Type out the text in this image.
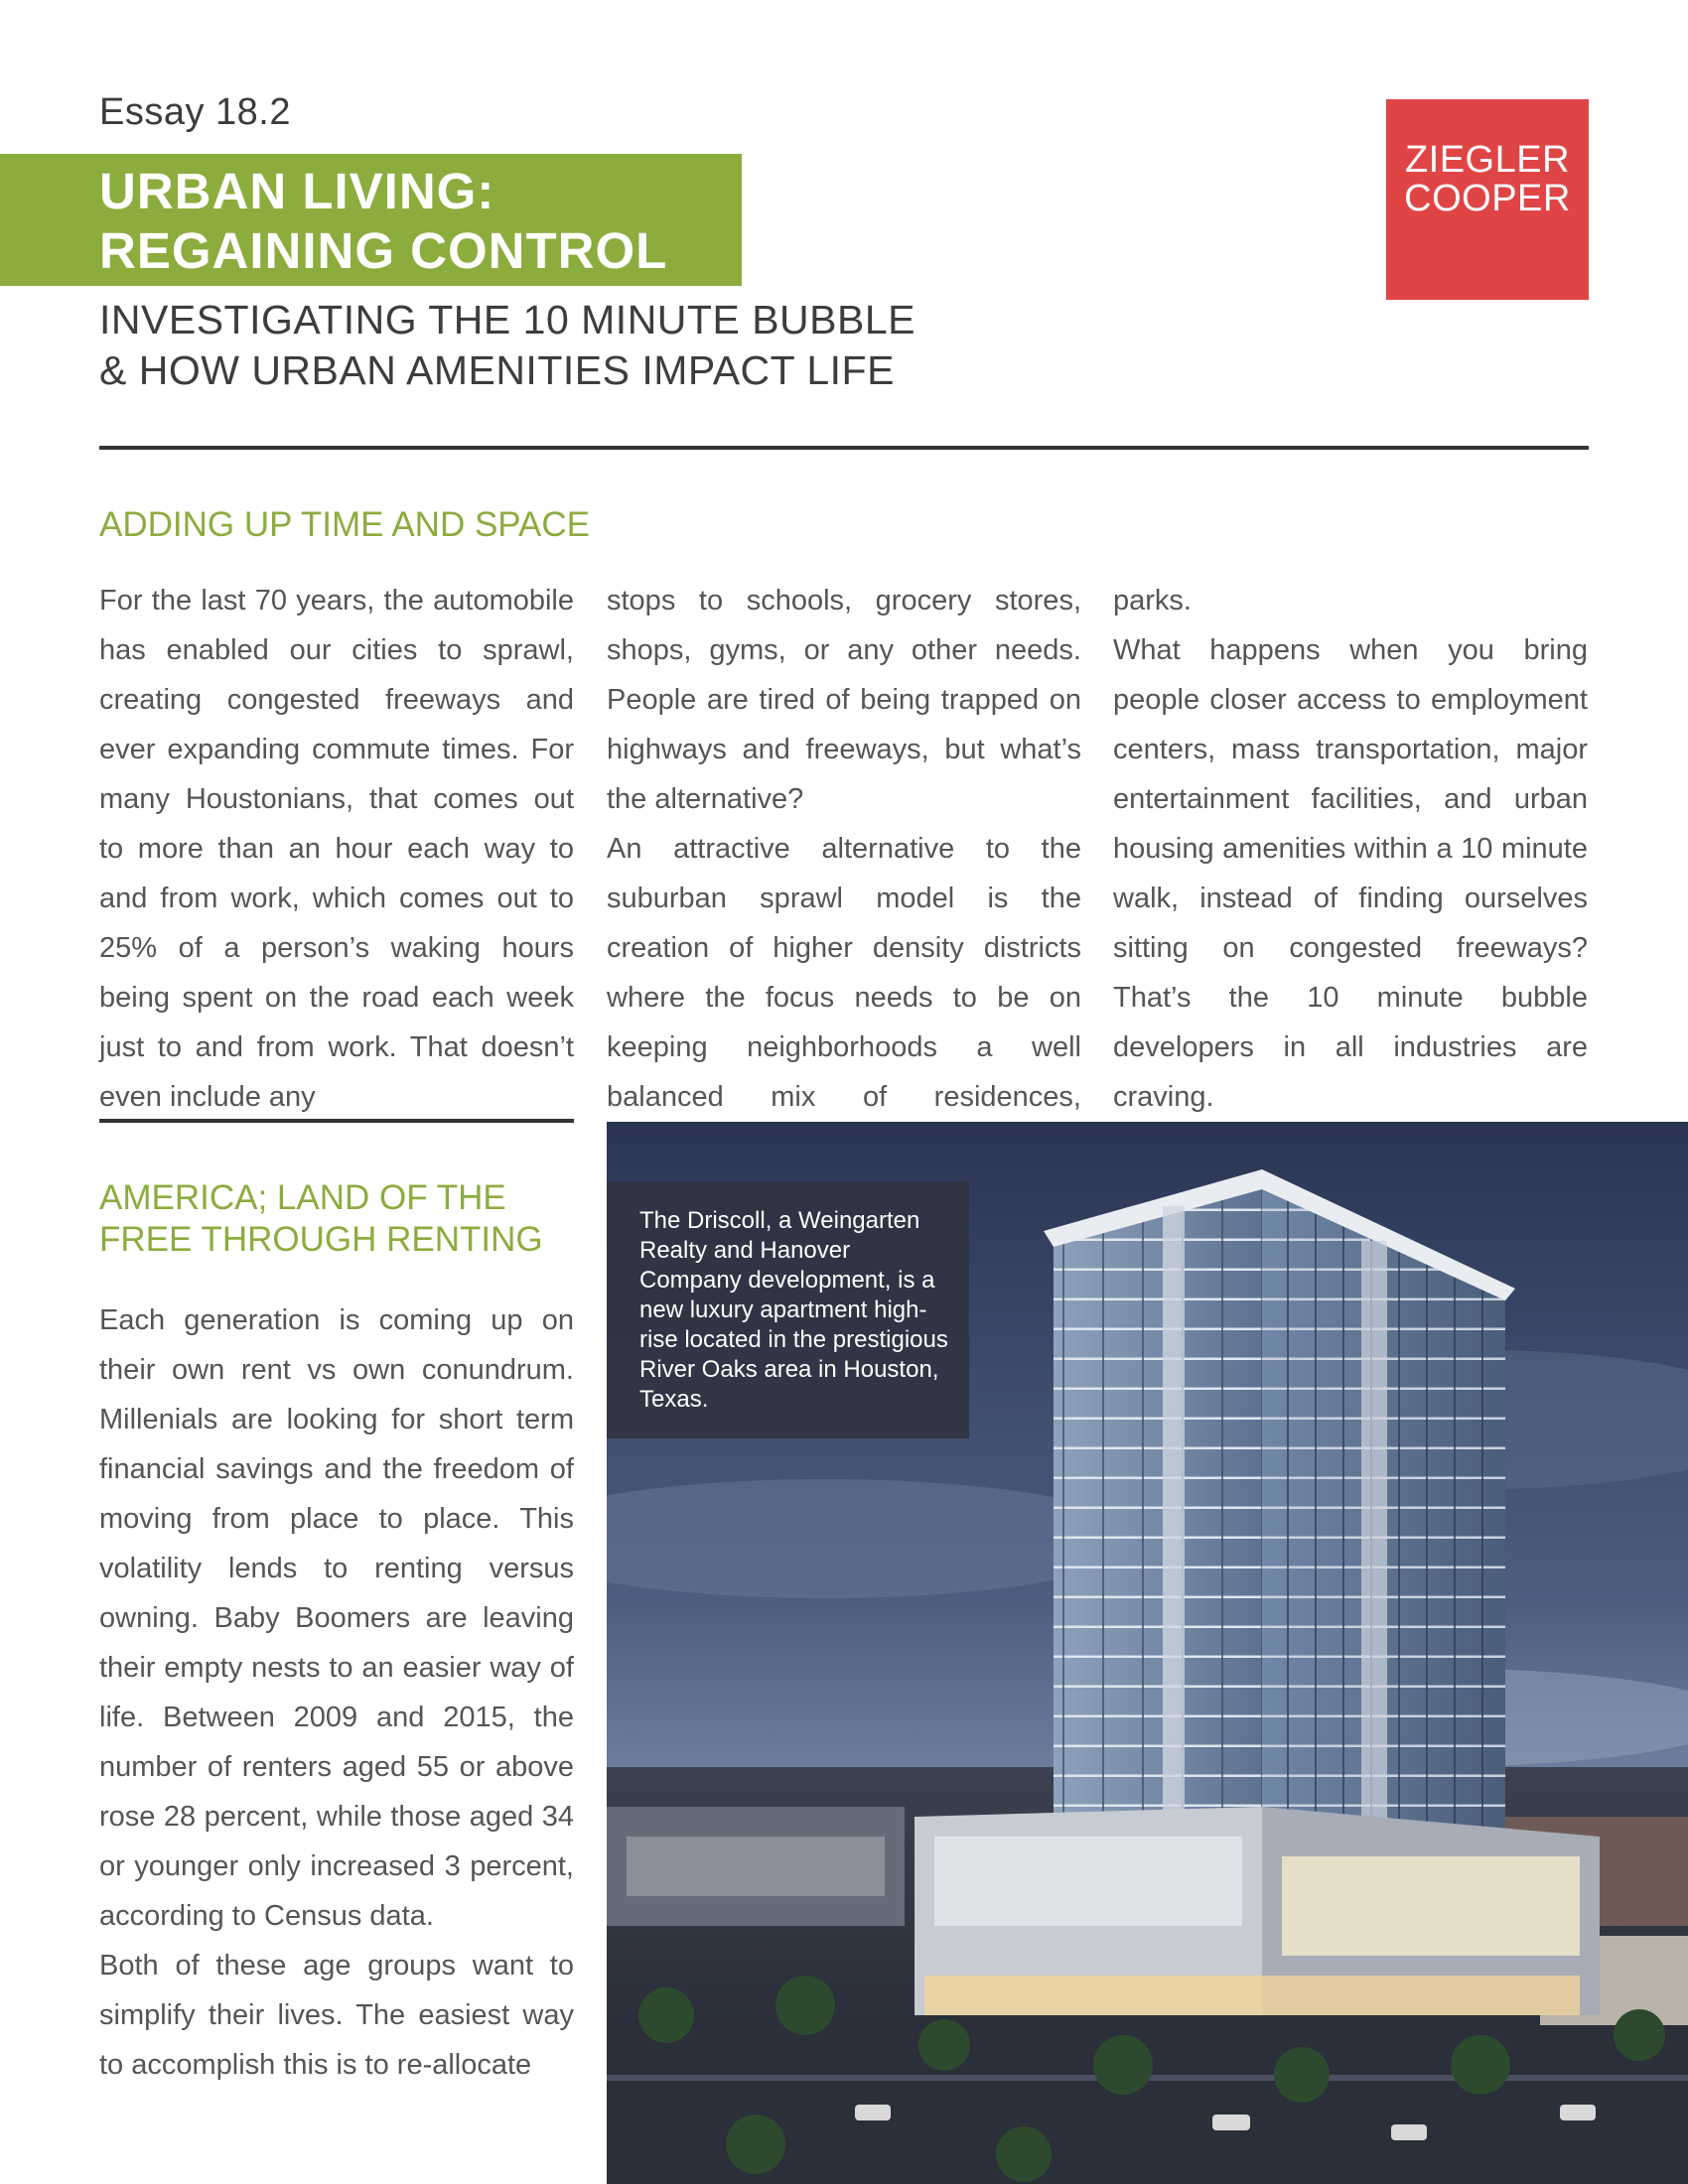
Essay 18.2
URBAN LIVING:
REGAINING CONTROL
INVESTIGATING THE 10 MINUTE BUBBLE
& HOW URBAN AMENITIES IMPACT LIFE
ZIEGLER
COOPER
ADDING UP TIME AND SPACE

For the last 70 years, the automobile has enabled our cities to sprawl, creating congested freeways and ever expanding commute times. For many Houstonians, that comes out to more than an hour each way to and from work, which comes out to 25% of a person’s waking hours being spent on the road each week just to and from work. That doesn’t even include any

stops to schools, grocery stores, shops, gyms, or any other needs. People are tired of being trapped on highways and freeways, but what’s the alternative?

An attractive alternative to the suburban sprawl model is the creation of higher density districts where the focus needs to be on keeping neighborhoods a well balanced mix of residences,

parks.

What happens when you bring people closer access to employment centers, mass transportation, major entertainment facilities, and urban housing amenities within a 10 minute walk, instead of finding ourselves sitting on congested freeways? That’s the 10 minute bubble developers in all industries are craving.

AMERICA; LAND OF THE
FREE THROUGH RENTING

Each generation is coming up on their own rent vs own conundrum. Millenials are looking for short term financial savings and the freedom of moving from place to place. This volatility lends to renting versus owning. Baby Boomers are leaving their empty nests to an easier way of life. Between 2009 and 2015, the number of renters aged 55 or above rose 28 percent, while those aged 34 or younger only increased 3 percent, according to Census data.

Both of these age groups want to simplify their lives. The easiest way to accomplish this is to re-allocate

The Driscoll, a Weingarten Realty and Hanover Company development, is a new luxury apartment high-rise located in the prestigious River Oaks area in Houston, Texas.
